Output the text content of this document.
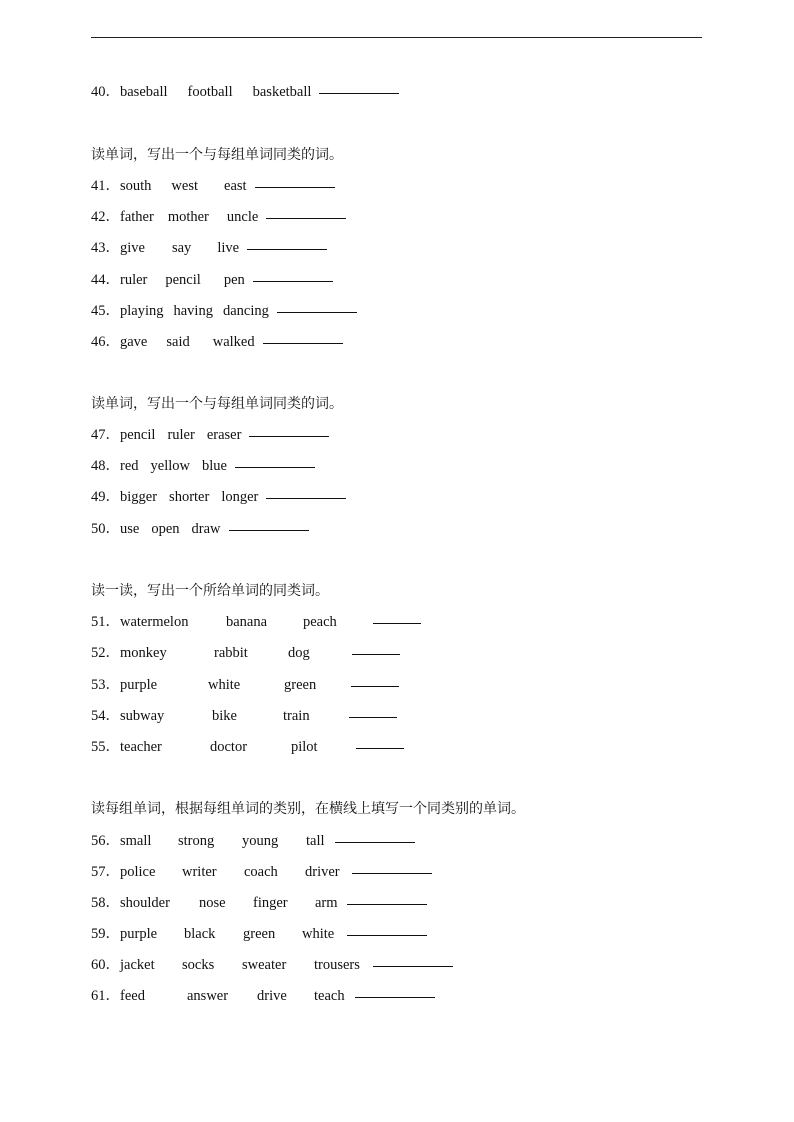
40．baseball football basketball
读单词，写出一个与每组单词同类的词。
41．south west east
42．father mother uncle
43．give say live
44．ruler pencil pen
45．playing having dancing
46．gave said walked
读单词，写出一个与每组单词同类的词。
47．pencil ruler eraser
48．red yellow blue
49．bigger shorter longer
50．use open draw
读一读，写出一个所给单词的同类词。
51．watermelon	banana peach
52．monkey	rabbit	dog
53．purple	white	green
54．subway	bike	train
55．teacher	doctor	pilot
读每组单词，根据每组单词的类别，在横线上填写一个同类别的单词。
56．small strong young tall
57．police writer coach driver
58．shoulder nose finger arm
59．purple black green white
60．jacket socks sweater trousers
61．feed	answer drive teach
